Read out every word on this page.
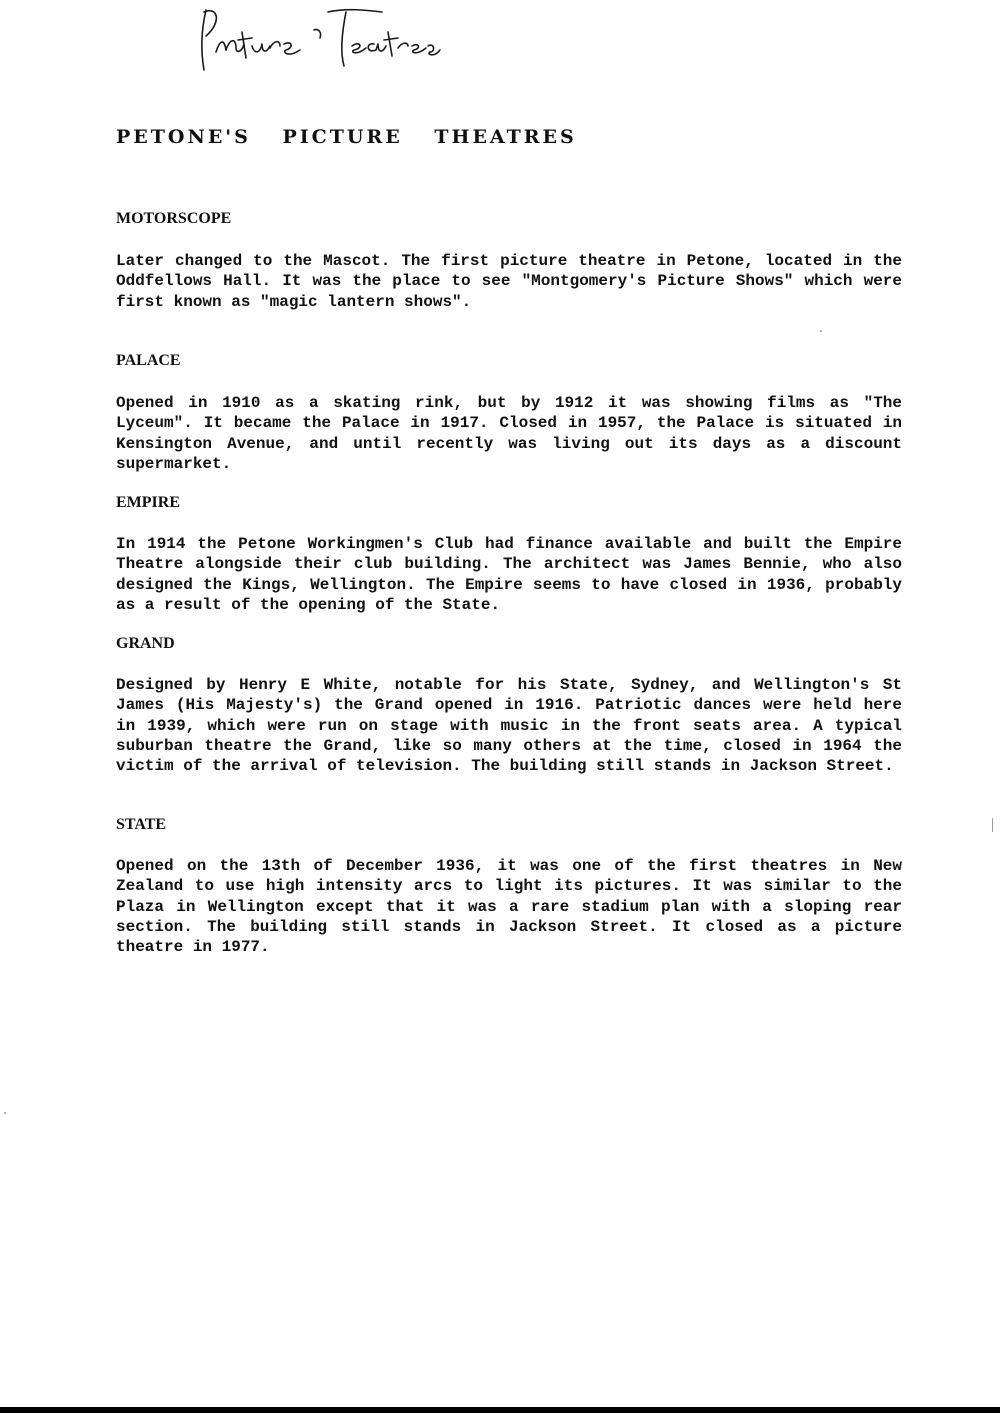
PETONE'S PICTURE THEATRES
MOTORSCOPE

Later changed to the Mascot. The first picture theatre in Petone, located in the Oddfellows Hall. It was the place to see "Montgomery's Picture Shows" which were first known as "magic lantern shows".

PALACE

Opened in 1910 as a skating rink, but by 1912 it was showing films as "The Lyceum". It became the Palace in 1917. Closed in 1957, the Palace is situated in Kensington Avenue, and until recently was living out its days as a discount supermarket.

EMPIRE

In 1914 the Petone Workingmen's Club had finance available and built the Empire Theatre alongside their club building. The architect was James Bennie, who also designed the Kings, Wellington. The Empire seems to have closed in 1936, probably as a result of the opening of the State.

GRAND

Designed by Henry E White, notable for his State, Sydney, and Wellington's St James (His Majesty's) the Grand opened in 1916. Patriotic dances were held here in 1939, which were run on stage with music in the front seats area. A typical suburban theatre the Grand, like so many others at the time, closed in 1964 the victim of the arrival of television. The building still stands in Jackson Street.

STATE

Opened on the 13th of December 1936, it was one of the first theatres in New Zealand to use high intensity arcs to light its pictures. It was similar to the Plaza in Wellington except that it was a rare stadium plan with a sloping rear section. The building still stands in Jackson Street. It closed as a picture theatre in 1977.
